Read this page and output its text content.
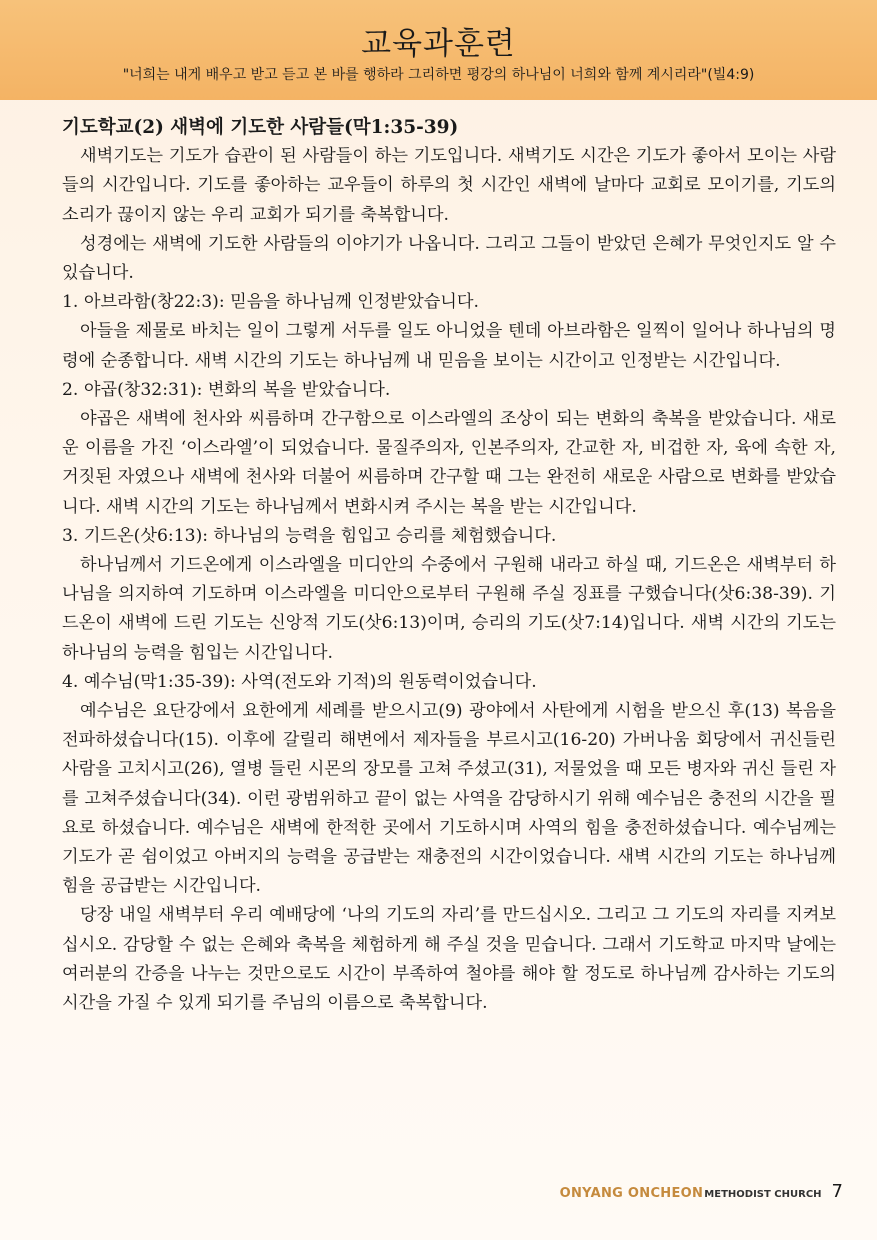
교육과훈련
"너희는 내게 배우고 받고 듣고 본 바를 행하라 그리하면 평강의 하나님이 너희와 함께 계시리라"(빌4:9)

기도학교(2) 새벽에 기도한 사람들(막1:35-39)

새벽기도는 기도가 습관이 된 사람들이 하는 기도입니다. 새벽기도 시간은 기도가 좋아서 모이는 사람들의 시간입니다. 기도를 좋아하는 교우들이 하루의 첫 시간인 새벽에 날마다 교회로 모이기를, 기도의 소리가 끊이지 않는 우리 교회가 되기를 축복합니다.

성경에는 새벽에 기도한 사람들의 이야기가 나옵니다. 그리고 그들이 받았던 은혜가 무엇인지도 알 수 있습니다.

1. 아브라함(창22:3): 믿음을 하나님께 인정받았습니다.

아들을 제물로 바치는 일이 그렇게 서두를 일도 아니었을 텐데 아브라함은 일찍이 일어나 하나님의 명령에 순종합니다. 새벽 시간의 기도는 하나님께 내 믿음을 보이는 시간이고 인정받는 시간입니다.

2. 야곱(창32:31): 변화의 복을 받았습니다.

야곱은 새벽에 천사와 씨름하며 간구함으로 이스라엘의 조상이 되는 변화의 축복을 받았습니다. 새로운 이름을 가진 ‘이스라엘’이 되었습니다. 물질주의자, 인본주의자, 간교한 자, 비겁한 자, 육에 속한 자, 거짓된 자였으나 새벽에 천사와 더불어 씨름하며 간구할 때 그는 완전히 새로운 사람으로 변화를 받았습니다. 새벽 시간의 기도는 하나님께서 변화시켜 주시는 복을 받는 시간입니다.

3. 기드온(삿6:13): 하나님의 능력을 힘입고 승리를 체험했습니다.

하나님께서 기드온에게 이스라엘을 미디안의 수중에서 구원해 내라고 하실 때, 기드온은 새벽부터 하나님을 의지하여 기도하며 이스라엘을 미디안으로부터 구원해 주실 징표를 구했습니다(삿6:38-39). 기드온이 새벽에 드린 기도는 신앙적 기도(삿6:13)이며, 승리의 기도(삿7:14)입니다. 새벽 시간의 기도는 하나님의 능력을 힘입는 시간입니다.

4. 예수님(막1:35-39): 사역(전도와 기적)의 원동력이었습니다.

예수님은 요단강에서 요한에게 세례를 받으시고(9) 광야에서 사탄에게 시험을 받으신 후(13) 복음을 전파하셨습니다(15). 이후에 갈릴리 해변에서 제자들을 부르시고(16-20) 가버나움 회당에서 귀신들린 사람을 고치시고(26), 열병 들린 시몬의 장모를 고쳐 주셨고(31), 저물었을 때 모든 병자와 귀신 들린 자를 고쳐주셨습니다(34). 이런 광범위하고 끝이 없는 사역을 감당하시기 위해 예수님은 충전의 시간을 필요로 하셨습니다. 예수님은 새벽에 한적한 곳에서 기도하시며 사역의 힘을 충전하셨습니다. 예수님께는 기도가 곧 쉼이었고 아버지의 능력을 공급받는 재충전의 시간이었습니다. 새벽 시간의 기도는 하나님께 힘을 공급받는 시간입니다.

당장 내일 새벽부터 우리 예배당에 ‘나의 기도의 자리’를 만드십시오. 그리고 그 기도의 자리를 지켜보십시오. 감당할 수 없는 은혜와 축복을 체험하게 해 주실 것을 믿습니다. 그래서 기도학교 마지막 날에는 여러분의 간증을 나누는 것만으로도 시간이 부족하여 철야를 해야 할 정도로 하나님께 감사하는 기도의 시간을 가질 수 있게 되기를 주님의 이름으로 축복합니다.

ONYANG ONCHEON METHODIST CHURCH 7
